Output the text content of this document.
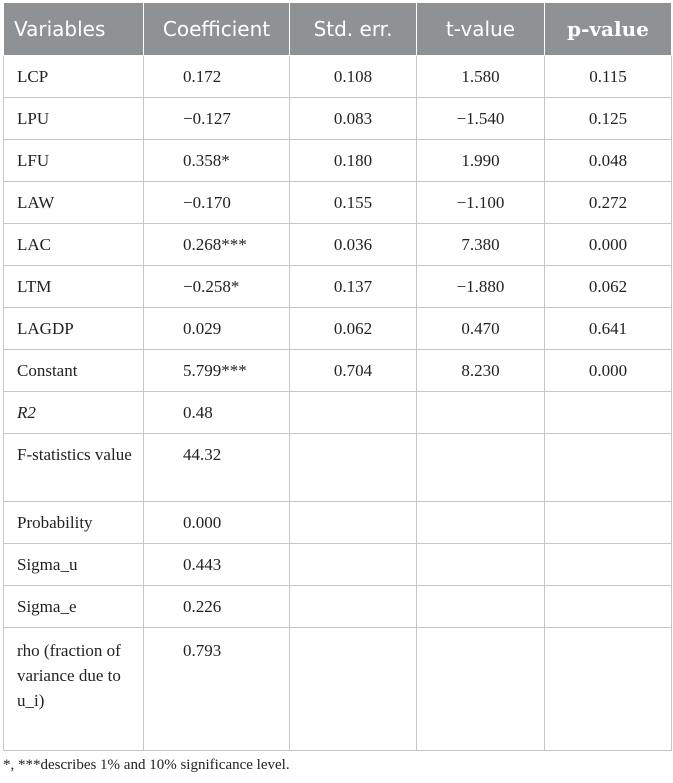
Variables	Coefficient	Std. err.	t-value	p-value
LCP	0.172	0.108	1.580	0.115
LPU	−0.127	0.083	−1.540	0.125
LFU	0.358*	0.180	1.990	0.048
LAW	−0.170	0.155	−1.100	0.272
LAC	0.268***	0.036	7.380	0.000
LTM	−0.258*	0.137	−1.880	0.062
LAGDP	0.029	0.062	0.470	0.641
Constant	5.799***	0.704	8.230	0.000
R2	0.48			
F-statistics value	44.32			
Probability	0.000			
Sigma_u	0.443			
Sigma_e	0.226			
rho (fraction of variance due to u_i)	0.793			
*, ***describes 1% and 10% significance level.
